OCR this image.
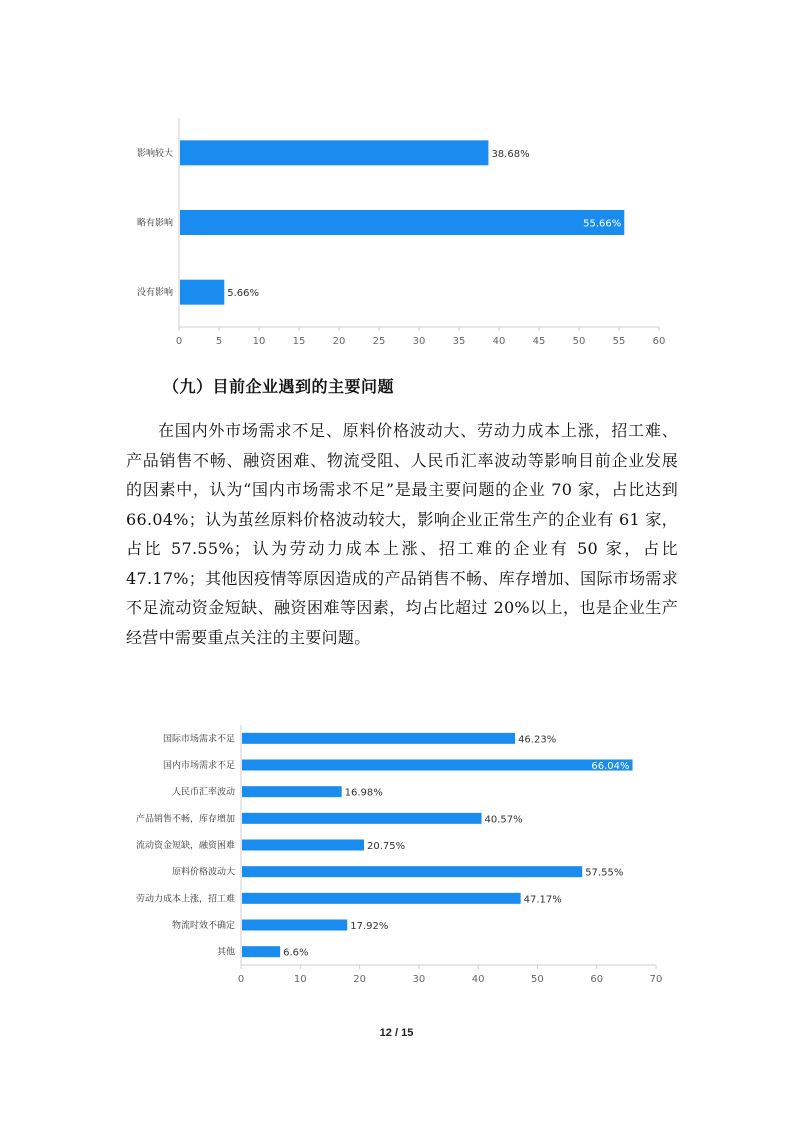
0	5	10	15	20	25	30	35	40	45	50	55	60
影响较大	38.68%
略有影响	55.66%
没有影响	5.66%
（九）目前企业遇到的主要问题
在国内外市场需求不足、原料价格波动大、劳动力成本上涨，招工难、产品销售不畅、融资困难、物流受阻、人民币汇率波动等影响目前企业发展的因素中，认为“国内市场需求不足”是最主要问题的企业 70 家，占比达到 66.04%；认为茧丝原料价格波动较大，影响企业正常生产的企业有 61 家，占比 57.55%；认为劳动力成本上涨、招工难的企业有 50 家，占比 47.17%；其他因疫情等原因造成的产品销售不畅、库存增加、国际市场需求不足流动资金短缺、融资困难等因素，均占比超过 20%以上，也是企业生产经营中需要重点关注的主要问题。
0	10	20	30	40	50	60	70
国际市场需求不足	46.23%
国内市场需求不足	66.04%
人民币汇率波动	16.98%
产品销售不畅，库存增加	40.57%
流动资金短缺，融资困难	20.75%
原料价格波动大	57.55%
劳动力成本上涨，招工难	47.17%
物流时效不确定	17.92%
其他	6.6%
12 / 15
